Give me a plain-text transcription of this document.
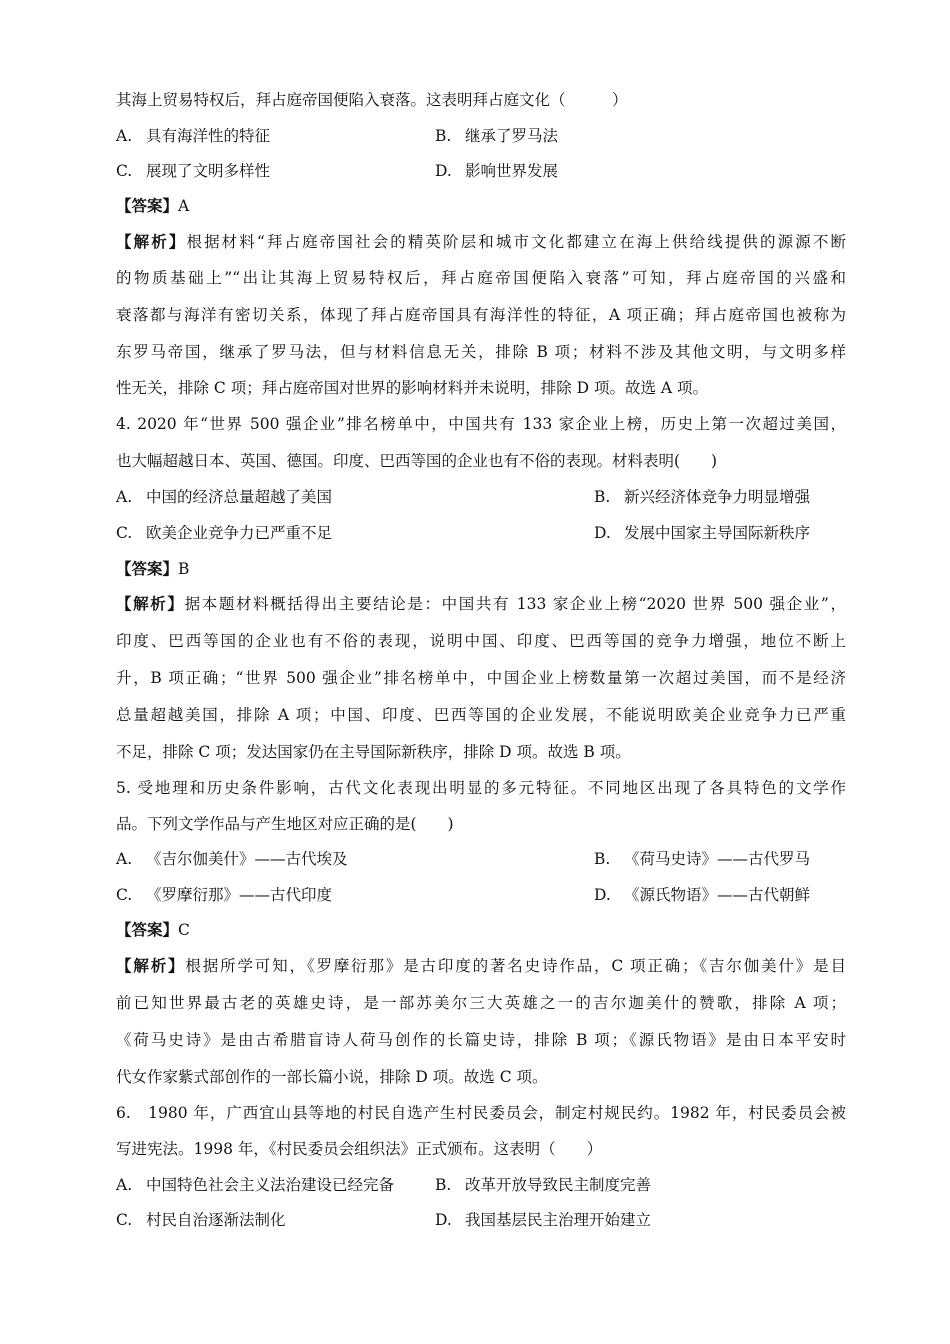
其海上贸易特权后，拜占庭帝国便陷入衰落。这表明拜占庭文化（　　　）
A. 具有海洋性的特征	B. 继承了罗马法
C. 展现了文明多样性	D. 影响世界发展
【答案】A
【解析】根据材料“拜占庭帝国社会的精英阶层和城市文化都建立在海上供给线提供的源源不断
的物质基础上”“出让其海上贸易特权后，拜占庭帝国便陷入衰落”可知，拜占庭帝国的兴盛和
衰落都与海洋有密切关系，体现了拜占庭帝国具有海洋性的特征，A 项正确；拜占庭帝国也被称为
东罗马帝国，继承了罗马法，但与材料信息无关，排除 B 项；材料不涉及其他文明，与文明多样
性无关，排除 C 项；拜占庭帝国对世界的影响材料并未说明，排除 D 项。故选 A 项。
4. 2020 年“世界 500 强企业”排名榜单中，中国共有 133 家企业上榜，历史上第一次超过美国，
也大幅超越日本、英国、德国。印度、巴西等国的企业也有不俗的表现。材料表明(　　)
A. 中国的经济总量超越了美国	B. 新兴经济体竞争力明显增强
C. 欧美企业竞争力已严重不足	D. 发展中国家主导国际新秩序
【答案】B
【解析】据本题材料概括得出主要结论是：中国共有 133 家企业上榜“2020 世界 500 强企业”，
印度、巴西等国的企业也有不俗的表现，说明中国、印度、巴西等国的竞争力增强，地位不断上
升，B 项正确；“世界 500 强企业”排名榜单中，中国企业上榜数量第一次超过美国，而不是经济
总量超越美国，排除 A 项；中国、印度、巴西等国的企业发展，不能说明欧美企业竞争力已严重
不足，排除 C 项；发达国家仍在主导国际新秩序，排除 D 项。故选 B 项。
5. 受地理和历史条件影响，古代文化表现出明显的多元特征。不同地区出现了各具特色的文学作
品。下列文学作品与产生地区对应正确的是(　　)
A. 《吉尔伽美什》——古代埃及	B. 《荷马史诗》——古代罗马
C. 《罗摩衍那》——古代印度	D. 《源氏物语》——古代朝鲜
【答案】C
【解析】根据所学可知，《罗摩衍那》是古印度的著名史诗作品，C 项正确；《吉尔伽美什》是目
前已知世界最古老的英雄史诗，是一部苏美尔三大英雄之一的吉尔迦美什的赞歌，排除 A 项；
《荷马史诗》是由古希腊盲诗人荷马创作的长篇史诗，排除 B 项；《源氏物语》是由日本平安时
代女作家紫式部创作的一部长篇小说，排除 D 项。故选 C 项。
6.　1980 年，广西宜山县等地的村民自选产生村民委员会，制定村规民约。1982 年，村民委员会被
写进宪法。1998 年，《村民委员会组织法》正式颁布。这表明（　　）
A. 中国特色社会主义法治建设已经完备	B. 改革开放导致民主制度完善
C. 村民自治逐渐法制化	D. 我国基层民主治理开始建立
